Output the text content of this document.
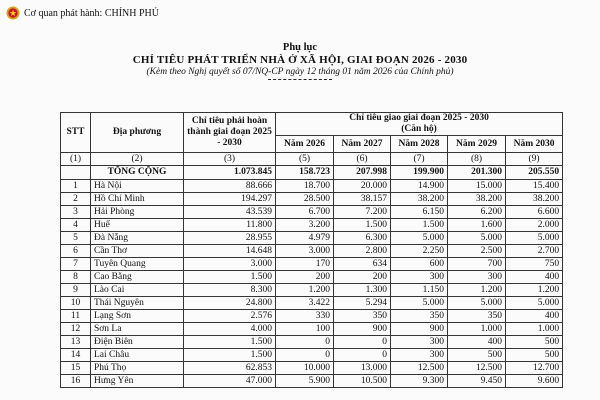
Cơ quan phát hành: CHÍNH PHỦ
Phụ lục
CHỈ TIÊU PHÁT TRIỂN NHÀ Ở XÃ HỘI, GIAI ĐOẠN 2026 - 2030
(Kèm theo Nghị quyết số 07/NQ-CP ngày 12 tháng 01 năm 2026 của Chính phủ)
STT	Địa phương	Chỉ tiêu phải hoàn thành giai đoạn 2025 - 2030	Chỉ tiêu giao giai đoạn 2025 - 2030
(Căn hộ)				

			Năm 2026	Năm 2027	Năm 2028	Năm 2029	Năm 2030
(1)	(2)	(3)	(5)	(6)	(7)	(8)	(9)
	TỔNG CỘNG	1.073.845	158.723	207.998	199.900	201.300	205.550
1	Hà Nội	88.666	18.700	20.000	14.900	15.000	15.400
2	Hồ Chí Minh	194.297	28.500	38.157	38.200	38.200	38.200
3	Hải Phòng	43.539	6.700	7.200	6.150	6.200	6.600
4	Huế	11.800	3.200	1.500	1.500	1.600	2.000
5	Đà Nẵng	28.955	4.979	6.300	5.000	5.000	5.000
6	Cần Thơ	14.648	3.000	2.800	2.250	2.500	2.700
7	Tuyên Quang	3.000	170	634	600	700	750
8	Cao Bằng	1.500	200	200	300	300	400
9	Lào Cai	8.300	1.200	1.300	1.150	1.200	1.200
10	Thái Nguyên	24.800	3.422	5.294	5.000	5.000	5.000
11	Lạng Sơn	2.576	330	350	350	350	400
12	Sơn La	4.000	100	900	900	1.000	1.000
13	Điện Biên	1.500	0	0	300	400	500
14	Lai Châu	1.500	0	0	300	500	500
15	Phú Thọ	62.853	10.000	13.000	12.500	12.500	12.700
16	Hưng Yên	47.000	5.900	10.500	9.300	9.450	9.600
